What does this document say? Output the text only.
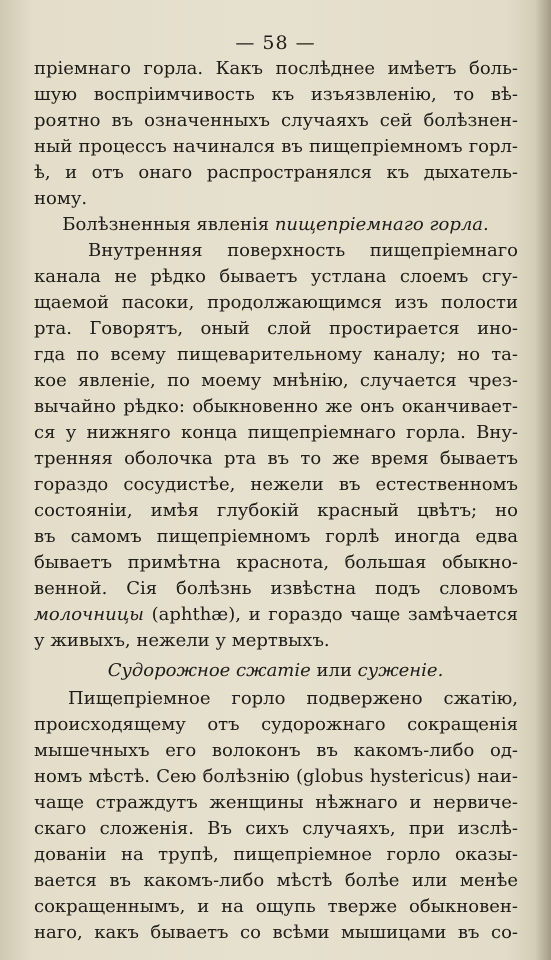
— 58 —
пріемнаго горла. Какъ послѣднее имѣетъ боль-
шую воспріимчивость къ изъязвленію, то вѣ-
роятно въ означенныхъ случаяхъ сей болѣзнен-
ный процессъ начинался въ пищепріемномъ горл-
ѣ, и отъ онаго распространялся къ дыхатель-
ному.
Болѣзненныя явленія пищепріемнаго горла.
Внутренняя поверхность пищепріемнаго
канала не рѣдко бываетъ устлана слоемъ сгу-
щаемой пасоки, продолжающимся изъ полости
рта. Говорятъ, оный слой простирается ино-
гда по всему пищеварительному каналу; но та-
кое явленіе, по моему мнѣнію, случается чрез-
вычайно рѣдко: обыкновенно же онъ оканчивает-
ся у нижняго конца пищепріемнаго горла. Вну-
тренняя оболочка рта въ то же время бываетъ
гораздо сосудистѣе, нежели въ естественномъ
состояніи, имѣя глубокій красный цвѣтъ; но
въ самомъ пищепріемномъ горлѣ иногда едва
бываетъ примѣтна краснота, большая обыкно-
венной. Сія болѣзнь извѣстна подъ словомъ
молочницы (aphthæ), и гораздо чаще замѣчается
у живыхъ, нежели у мертвыхъ.
Судорожное сжатіе или суженіе.
Пищепріемное горло подвержено сжатію,
происходящему отъ судорожнаго сокращенія
мышечныхъ его волоконъ въ какомъ-либо од-
номъ мѣстѣ. Сею болѣзнію (globus hystericus) наи-
чаще страждутъ женщины нѣжнаго и нервиче-
скаго сложенія. Въ сихъ случаяхъ, при изслѣ-
дованіи на трупѣ, пищепріемное горло оказы-
вается въ какомъ-либо мѣстѣ болѣе или менѣе
сокращеннымъ, и на ощупь тверже обыкновен-
наго, какъ бываетъ со всѣми мышицами въ со-
